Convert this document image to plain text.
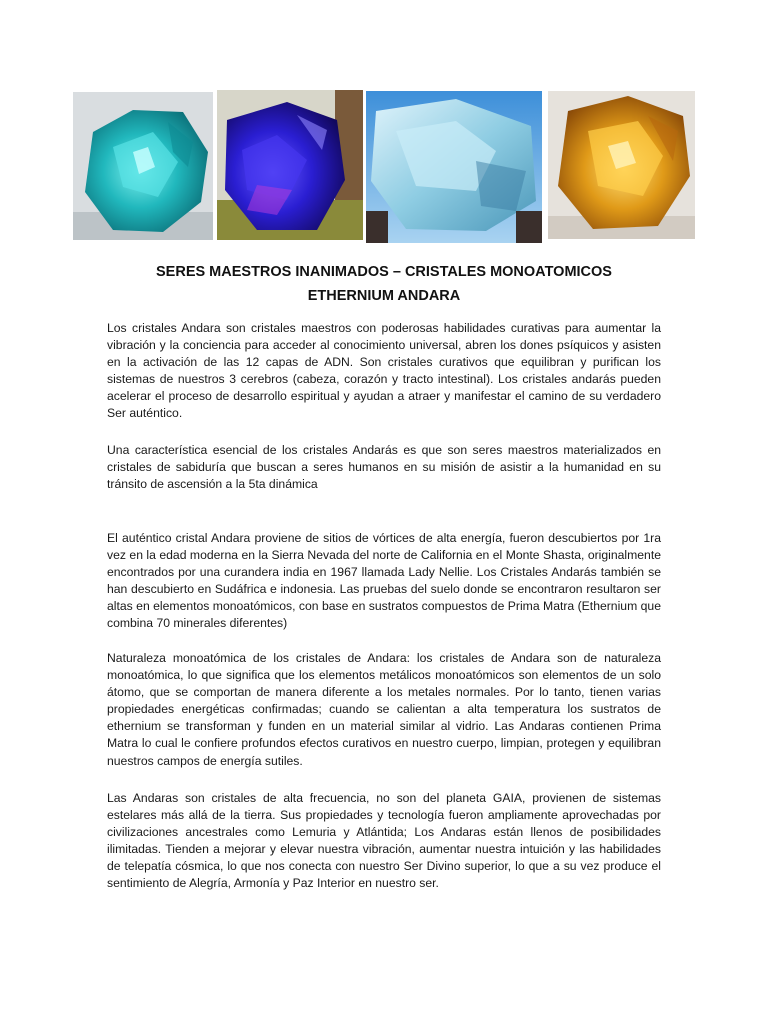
SERES MAESTROS INANIMADOS – CRISTALES MONOATOMICOS
ETHERNIUM ANDARA

Los cristales Andara son cristales maestros con poderosas habilidades curativas para aumentar la vibración y la conciencia para acceder al conocimiento universal, abren los dones psíquicos y asisten en la activación de las 12 capas de ADN. Son cristales curativos que equilibran y purifican los sistemas de nuestros 3 cerebros (cabeza, corazón y tracto intestinal). Los cristales andarás pueden acelerar el proceso de desarrollo espiritual y ayudan a atraer y manifestar el camino de su verdadero Ser auténtico.

Una característica esencial de los cristales Andarás es que son seres maestros materializados en cristales de sabiduría que buscan a seres humanos en su misión de asistir a la humanidad en su tránsito de ascensión a la 5ta dinámica

El auténtico cristal Andara proviene de sitios de vórtices de alta energía, fueron descubiertos por 1ra vez en la edad moderna en la Sierra Nevada del norte de California en el Monte Shasta, originalmente encontrados por una curandera india en 1967 llamada Lady Nellie. Los Cristales Andarás también se han descubierto en Sudáfrica e indonesia. Las pruebas del suelo donde se encontraron resultaron ser altas en elementos monoatómicos, con base en sustratos compuestos de Prima Matra (Ethernium que combina 70 minerales diferentes)

Naturaleza monoatómica de los cristales de Andara: los cristales de Andara son de naturaleza monoatómica, lo que significa que los elementos metálicos monoatómicos son elementos de un solo átomo, que se comportan de manera diferente a los metales normales. Por lo tanto, tienen varias propiedades energéticas confirmadas; cuando se calientan a alta temperatura los sustratos de ethernium se transforman y funden en un material similar al vidrio. Las Andaras contienen Prima Matra lo cual le confiere profundos efectos curativos en nuestro cuerpo, limpian, protegen y equilibran nuestros campos de energía sutiles.

Las Andaras son cristales de alta frecuencia, no son del planeta GAIA, provienen de sistemas estelares más allá de la tierra. Sus propiedades y tecnología fueron ampliamente aprovechadas por civilizaciones ancestrales como Lemuria y Atlántida; Los Andaras están llenos de posibilidades ilimitadas. Tienden a mejorar y elevar nuestra vibración, aumentar nuestra intuición y las habilidades de telepatía cósmica, lo que nos conecta con nuestro Ser Divino superior, lo que a su vez produce el sentimiento de Alegría, Armonía y Paz Interior en nuestro ser.
